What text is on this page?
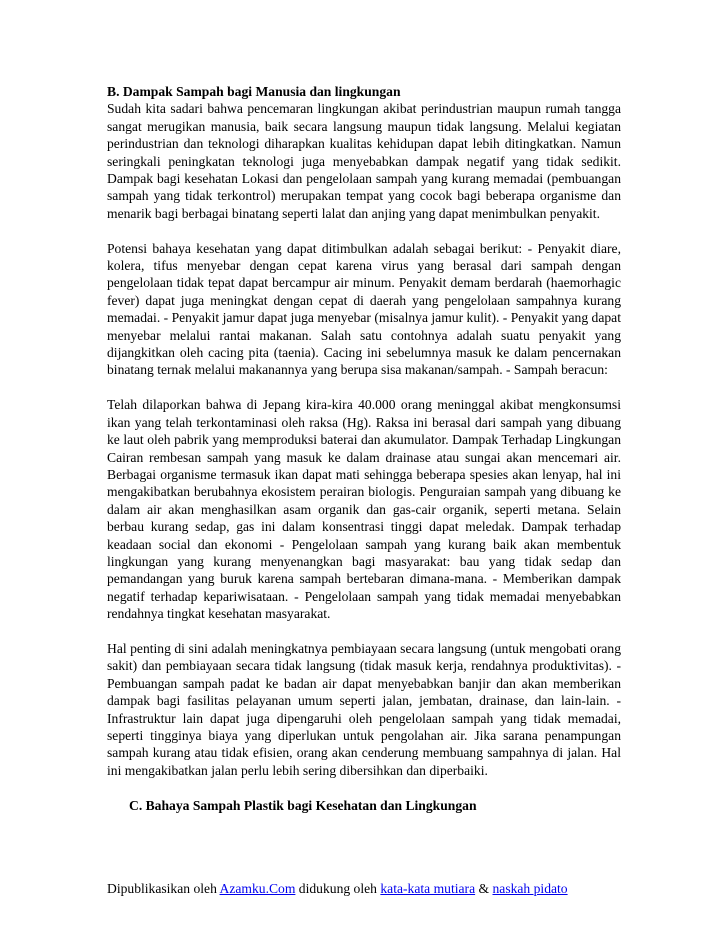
B. Dampak Sampah bagi Manusia dan lingkungan

Sudah kita sadari bahwa pencemaran lingkungan akibat perindustrian maupun rumah tangga sangat merugikan manusia, baik secara langsung maupun tidak langsung. Melalui kegiatan perindustrian dan teknologi diharapkan kualitas kehidupan dapat lebih ditingkatkan. Namun seringkali peningkatan teknologi juga menyebabkan dampak negatif yang tidak sedikit. Dampak bagi kesehatan Lokasi dan pengelolaan sampah yang kurang memadai (pembuangan sampah yang tidak terkontrol) merupakan tempat yang cocok bagi beberapa organisme dan menarik bagi berbagai binatang seperti lalat dan anjing yang dapat menimbulkan penyakit.

Potensi bahaya kesehatan yang dapat ditimbulkan adalah sebagai berikut: - Penyakit diare, kolera, tifus menyebar dengan cepat karena virus yang berasal dari sampah dengan pengelolaan tidak tepat dapat bercampur air minum. Penyakit demam berdarah (haemorhagic fever) dapat juga meningkat dengan cepat di daerah yang pengelolaan sampahnya kurang memadai. - Penyakit jamur dapat juga menyebar (misalnya jamur kulit). - Penyakit yang dapat menyebar melalui rantai makanan. Salah satu contohnya adalah suatu penyakit yang dijangkitkan oleh cacing pita (taenia). Cacing ini sebelumnya masuk ke dalam pencernakan binatang ternak melalui makanannya yang berupa sisa makanan/sampah. - Sampah beracun:

Telah dilaporkan bahwa di Jepang kira-kira 40.000 orang meninggal akibat mengkonsumsi ikan yang telah terkontaminasi oleh raksa (Hg). Raksa ini berasal dari sampah yang dibuang ke laut oleh pabrik yang memproduksi baterai dan akumulator. Dampak Terhadap Lingkungan Cairan rembesan sampah yang masuk ke dalam drainase atau sungai akan mencemari air. Berbagai organisme termasuk ikan dapat mati sehingga beberapa spesies akan lenyap, hal ini mengakibatkan berubahnya ekosistem perairan biologis. Penguraian sampah yang dibuang ke dalam air akan menghasilkan asam organik dan gas-cair organik, seperti metana. Selain berbau kurang sedap, gas ini dalam konsentrasi tinggi dapat meledak. Dampak terhadap keadaan social dan ekonomi - Pengelolaan sampah yang kurang baik akan membentuk lingkungan yang kurang menyenangkan bagi masyarakat: bau yang tidak sedap dan pemandangan yang buruk karena sampah bertebaran dimana-mana. - Memberikan dampak negatif terhadap kepariwisataan. - Pengelolaan sampah yang tidak memadai menyebabkan rendahnya tingkat kesehatan masyarakat.

Hal penting di sini adalah meningkatnya pembiayaan secara langsung (untuk mengobati orang sakit) dan pembiayaan secara tidak langsung (tidak masuk kerja, rendahnya produktivitas). - Pembuangan sampah padat ke badan air dapat menyebabkan banjir dan akan memberikan dampak bagi fasilitas pelayanan umum seperti jalan, jembatan, drainase, dan lain-lain. - Infrastruktur lain dapat juga dipengaruhi oleh pengelolaan sampah yang tidak memadai, seperti tingginya biaya yang diperlukan untuk pengolahan air. Jika sarana penampungan sampah kurang atau tidak efisien, orang akan cenderung membuang sampahnya di jalan. Hal ini mengakibatkan jalan perlu lebih sering dibersihkan dan diperbaiki.

C. Bahaya Sampah Plastik bagi Kesehatan dan Lingkungan

Dipublikasikan oleh Azamku.Com didukung oleh kata-kata mutiara & naskah pidato
